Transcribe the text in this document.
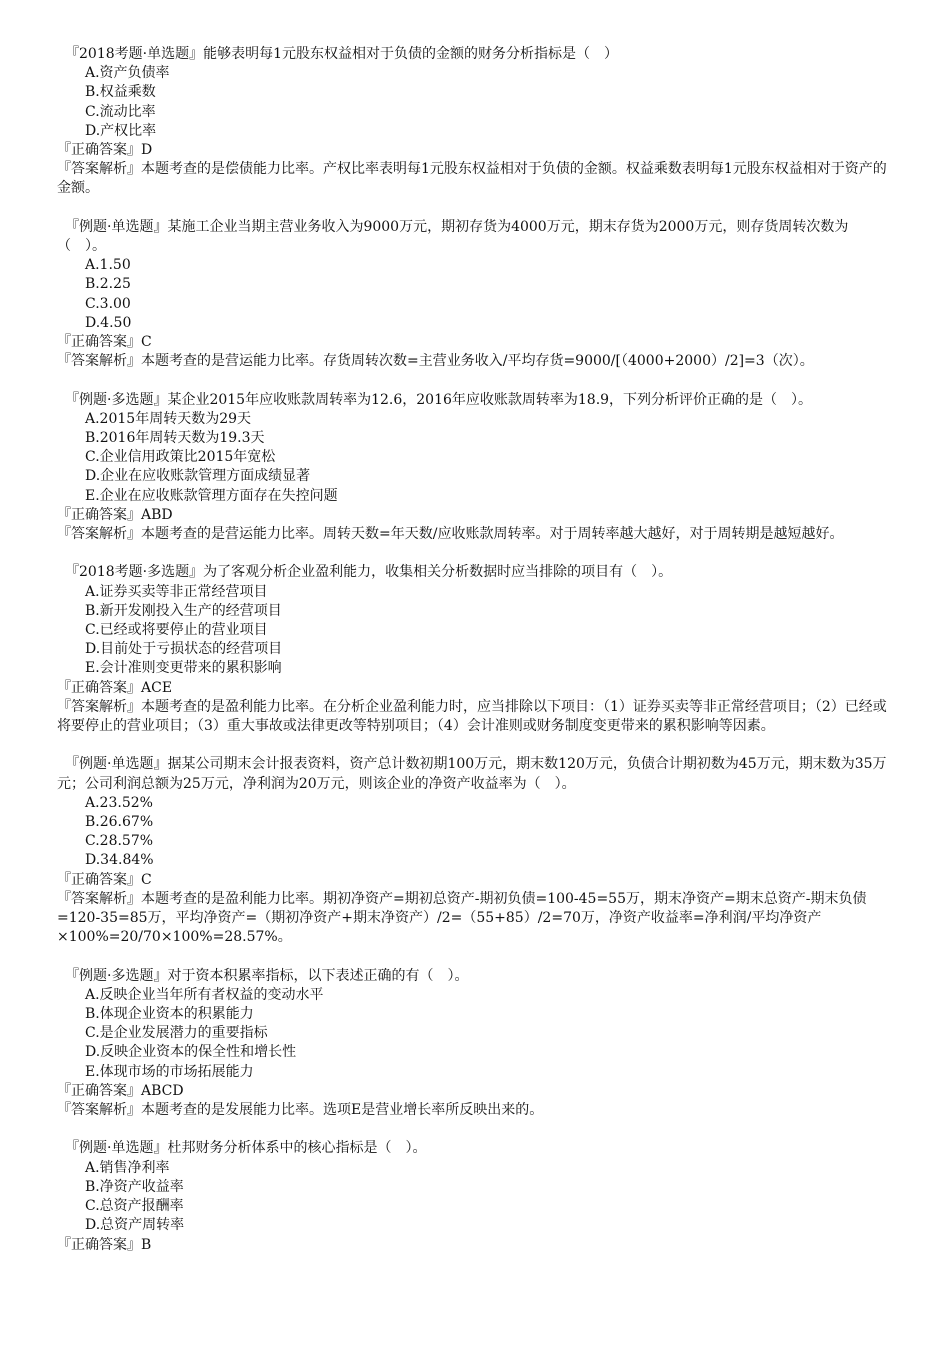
『2018考题·单选题』能够表明每1元股东权益相对于负债的金额的财务分析指标是（　）
A.资产负债率
B.权益乘数
C.流动比率
D.产权比率
『正确答案』D
『答案解析』本题考查的是偿债能力比率。产权比率表明每1元股东权益相对于负债的金额。权益乘数表明每1元股东权益相对于资产的金额。
『例题·单选题』某施工企业当期主营业务收入为9000万元，期初存货为4000万元，期末存货为2000万元，则存货周转次数为（　）。
A.1.50
B.2.25
C.3.00
D.4.50
『正确答案』C
『答案解析』本题考查的是营运能力比率。存货周转次数=主营业务收入/平均存货=9000/[（4000+2000）/2]=3（次）。
『例题·多选题』某企业2015年应收账款周转率为12.6，2016年应收账款周转率为18.9，下列分析评价正确的是（　）。
A.2015年周转天数为29天
B.2016年周转天数为19.3天
C.企业信用政策比2015年宽松
D.企业在应收账款管理方面成绩显著
E.企业在应收账款管理方面存在失控问题
『正确答案』ABD
『答案解析』本题考查的是营运能力比率。周转天数=年天数/应收账款周转率。对于周转率越大越好，对于周转期是越短越好。
『2018考题·多选题』为了客观分析企业盈利能力，收集相关分析数据时应当排除的项目有（　）。
A.证券买卖等非正常经营项目
B.新开发刚投入生产的经营项目
C.已经或将要停止的营业项目
D.目前处于亏损状态的经营项目
E.会计准则变更带来的累积影响
『正确答案』ACE
『答案解析』本题考查的是盈利能力比率。在分析企业盈利能力时，应当排除以下项目：（1）证券买卖等非正常经营项目；（2）已经或将要停止的营业项目；（3）重大事故或法律更改等特别项目；（4）会计准则或财务制度变更带来的累积影响等因素。
『例题·单选题』据某公司期末会计报表资料，资产总计数初期100万元，期末数120万元，负债合计期初数为45万元，期末数为35万元；公司利润总额为25万元，净利润为20万元，则该企业的净资产收益率为（　）。
A.23.52%
B.26.67%
C.28.57%
D.34.84%
『正确答案』C
『答案解析』本题考查的是盈利能力比率。期初净资产=期初总资产-期初负债=100-45=55万，期末净资产=期末总资产-期末负债=120-35=85万，平均净资产=（期初净资产+期末净资产）/2=（55+85）/2=70万，净资产收益率=净利润/平均净资产×100%=20/70×100%=28.57%。
『例题·多选题』对于资本积累率指标，以下表述正确的有（　）。
A.反映企业当年所有者权益的变动水平
B.体现企业资本的积累能力
C.是企业发展潜力的重要指标
D.反映企业资本的保全性和增长性
E.体现市场的市场拓展能力
『正确答案』ABCD
『答案解析』本题考查的是发展能力比率。选项E是营业增长率所反映出来的。
『例题·单选题』杜邦财务分析体系中的核心指标是（　）。
A.销售净利率
B.净资产收益率
C.总资产报酬率
D.总资产周转率
『正确答案』B
